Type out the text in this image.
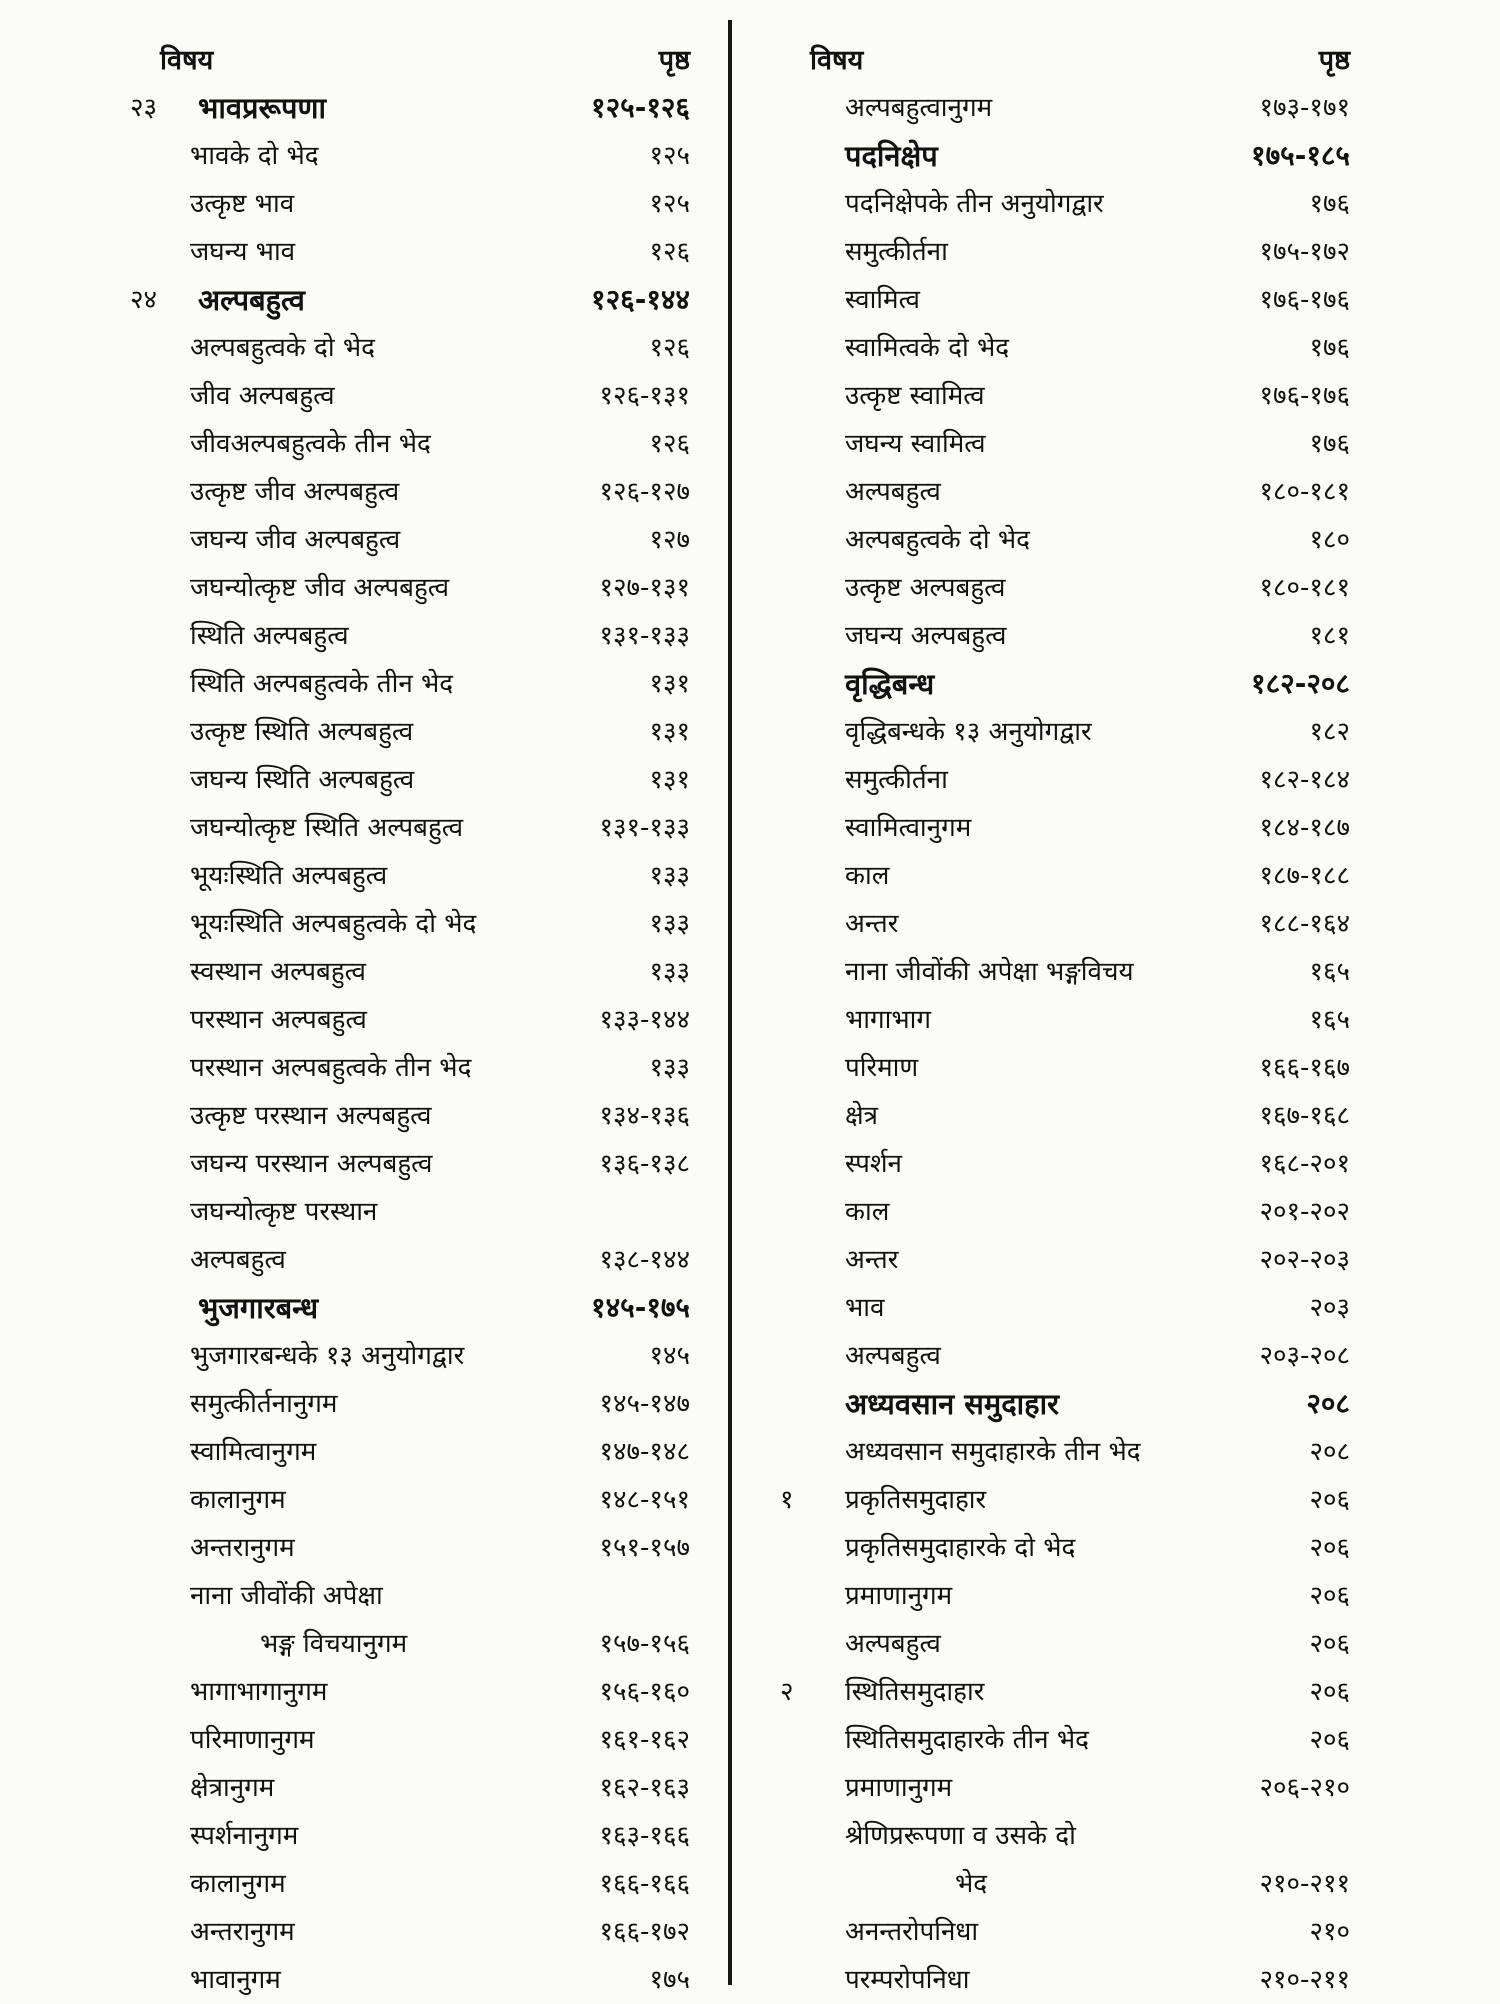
विषय	पृष्ठ
२३ भावप्ररूपणा	१२५-१२६
भावके दो भेद	१२५
उत्कृष्ट भाव	१२५
जघन्य भाव	१२६
२४ अल्पबहुत्व	१२६-१४४
अल्पबहुत्वके दो भेद	१२६
जीव अल्पबहुत्व	१२६-१३१
जीवअल्पबहुत्वके तीन भेद	१२६
उत्कृष्ट जीव अल्पबहुत्व	१२६-१२७
जघन्य जीव अल्पबहुत्व	१२७
जघन्योत्कृष्ट जीव अल्पबहुत्व	१२७-१३१
स्थिति अल्पबहुत्व	१३१-१३३
स्थिति अल्पबहुत्वके तीन भेद	१३१
उत्कृष्ट स्थिति अल्पबहुत्व	१३१
जघन्य स्थिति अल्पबहुत्व	१३१
जघन्योत्कृष्ट स्थिति अल्पबहुत्व	१३१-१३३
भूयःस्थिति अल्पबहुत्व	१३३
भूयःस्थिति अल्पबहुत्वके दो भेद	१३३
स्वस्थान अल्पबहुत्व	१३३
परस्थान अल्पबहुत्व	१३३-१४४
परस्थान अल्पबहुत्वके तीन भेद	१३३
उत्कृष्ट परस्थान अल्पबहुत्व	१३४-१३६
जघन्य परस्थान अल्पबहुत्व	१३६-१३८
जघन्योत्कृष्ट परस्थान
अल्पबहुत्व	१३८-१४४
भुजगारबन्ध	१४५-१७५
भुजगारबन्धके १३ अनुयोगद्वार	१४५
समुत्कीर्तनानुगम	१४५-१४७
स्वामित्वानुगम	१४७-१४८
कालानुगम	१४८-१५१
अन्तरानुगम	१५१-१५७
नाना जीवोंकी अपेक्षा
भङ्ग विचयानुगम	१५७-१५६
भागाभागानुगम	१५६-१६०
परिमाणानुगम	१६१-१६२
क्षेत्रानुगम	१६२-१६३
स्पर्शनानुगम	१६३-१६६
कालानुगम	१६६-१६६
अन्तरानुगम	१६६-१७२
भावानुगम	१७५
विषय	पृष्ठ
अल्पबहुत्वानुगम	१७३-१७१
पदनिक्षेप	१७५-१८५
पदनिक्षेपके तीन अनुयोगद्वार	१७६
समुत्कीर्तना	१७५-१७२
स्वामित्व	१७६-१७६
स्वामित्वके दो भेद	१७६
उत्कृष्ट स्वामित्व	१७६-१७६
जघन्य स्वामित्व	१७६
अल्पबहुत्व	१८०-१८१
अल्पबहुत्वके दो भेद	१८०
उत्कृष्ट अल्पबहुत्व	१८०-१८१
जघन्य अल्पबहुत्व	१८१
वृद्धिबन्ध	१८२-२०८
वृद्धिबन्धके १३ अनुयोगद्वार	१८२
समुत्कीर्तना	१८२-१८४
स्वामित्वानुगम	१८४-१८७
काल	१८७-१८८
अन्तर	१८८-१६४
नाना जीवोंकी अपेक्षा भङ्गविचय	१६५
भागाभाग	१६५
परिमाण	१६६-१६७
क्षेत्र	१६७-१६८
स्पर्शन	१६८-२०१
काल	२०१-२०२
अन्तर	२०२-२०३
भाव	२०३
अल्पबहुत्व	२०३-२०८
अध्यवसान समुदाहार	२०८
अध्यवसान समुदाहारके तीन भेद	२०८
१ प्रकृतिसमुदाहार	२०६
प्रकृतिसमुदाहारके दो भेद	२०६
प्रमाणानुगम	२०६
अल्पबहुत्व	२०६
२ स्थितिसमुदाहार	२०६
स्थितिसमुदाहारके तीन भेद	२०६
प्रमाणानुगम	२०६-२१०
श्रेणिप्ररूपणा व उसके दो
भेद	२१०-२११
अनन्तरोपनिधा	२१०
परम्परोपनिधा	२१०-२११
